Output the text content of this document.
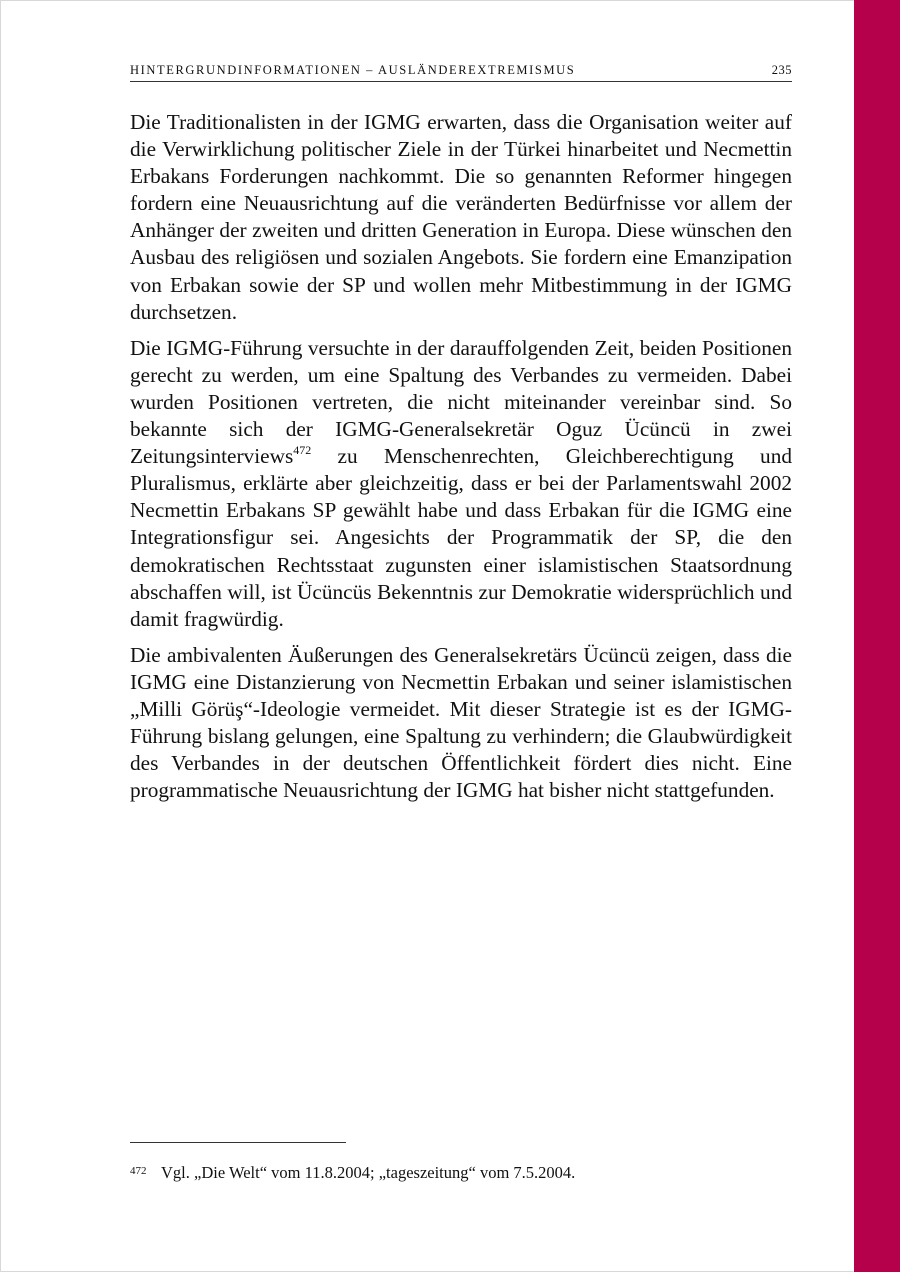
HINTERGRUNDINFORMATIONEN – AUSLÄNDEREXTREMISMUS	235

Die Traditionalisten in der IGMG erwarten, dass die Organisation weiter auf die Verwirklichung politischer Ziele in der Türkei hinarbeitet und Necmettin Erbakans Forderungen nachkommt. Die so genannten Reformer hingegen fordern eine Neuausrichtung auf die veränderten Bedürfnisse vor allem der Anhänger der zweiten und dritten Generation in Europa. Diese wünschen den Ausbau des religiösen und sozialen Angebots. Sie fordern eine Emanzipation von Erbakan sowie der SP und wollen mehr Mitbestimmung in der IGMG durchsetzen.

Die IGMG-Führung versuchte in der darauffolgenden Zeit, beiden Positionen gerecht zu werden, um eine Spaltung des Verbandes zu vermeiden. Dabei wurden Positionen vertreten, die nicht miteinander vereinbar sind. So bekannte sich der IGMG-Generalsekretär Oguz Ücüncü in zwei Zeitungsinterviews$^{472}$ zu Menschenrechten, Gleichberechtigung und Pluralismus, erklärte aber gleichzeitig, dass er bei der Parlamentswahl 2002 Necmettin Erbakans SP gewählt habe und dass Erbakan für die IGMG eine Integrationsfigur sei. Angesichts der Programmatik der SP, die den demokratischen Rechtsstaat zugunsten einer islamistischen Staatsordnung abschaffen will, ist Ücüncüs Bekenntnis zur Demokratie widersprüchlich und damit fragwürdig.

Die ambivalenten Äußerungen des Generalsekretärs Ücüncü zeigen, dass die IGMG eine Distanzierung von Necmettin Erbakan und seiner islamistischen „Milli Görüş“-Ideologie vermeidet. Mit dieser Strategie ist es der IGMG-Führung bislang gelungen, eine Spaltung zu verhindern; die Glaubwürdigkeit des Verbandes in der deutschen Öffentlichkeit fördert dies nicht. Eine programmatische Neuausrichtung der IGMG hat bisher nicht stattgefunden.

472 Vgl. „Die Welt“ vom 11.8.2004; „tageszeitung“ vom 7.5.2004.
